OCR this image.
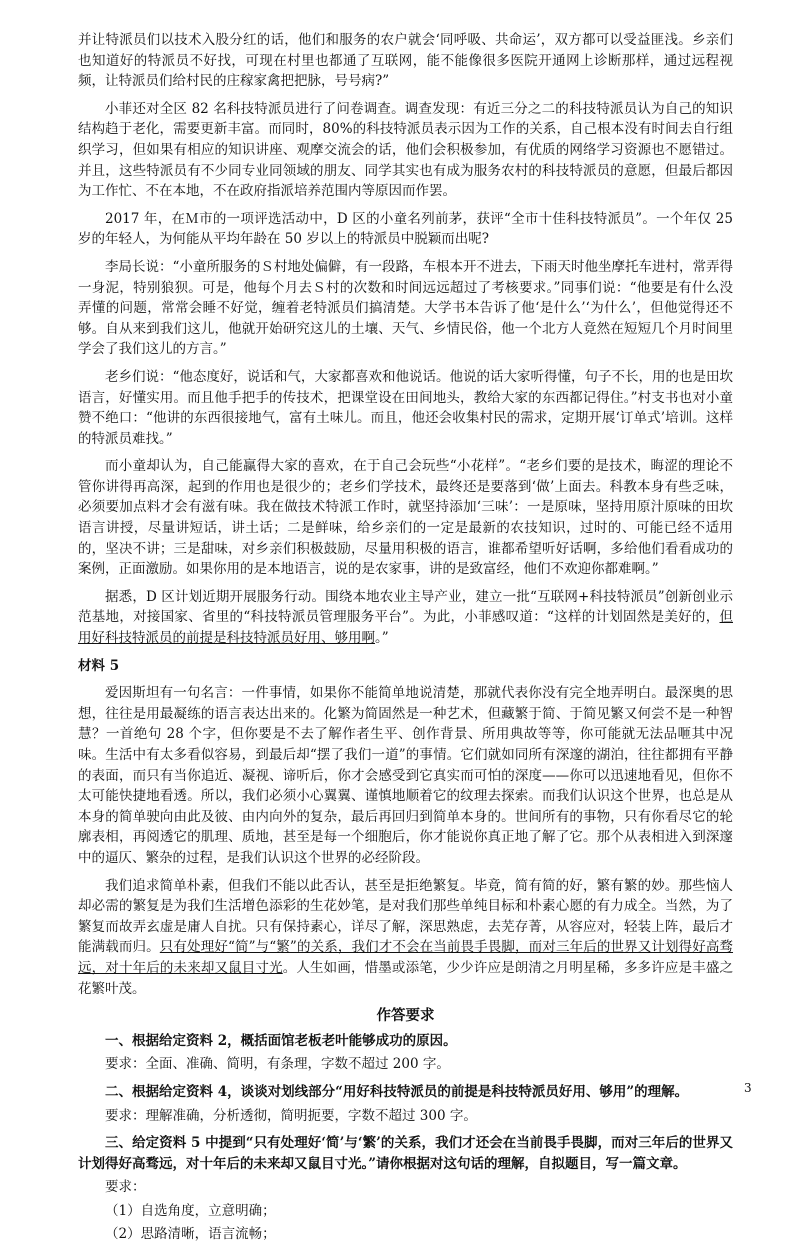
并让特派员们以技术入股分红的话，他们和服务的农户就会‘同呼吸、共命运’，双方都可以受益匪浅。乡亲们也知道好的特派员不好找，可现在村里也都通了互联网，能不能像很多医院开通网上诊断那样，通过远程视频，让特派员们给村民的庄稼家禽把把脉，号号病?”

小菲还对全区 82 名科技特派员进行了问卷调查。调查发现：有近三分之二的科技特派员认为自己的知识结构趋于老化，需要更新丰富。而同时，80%的科技特派员表示因为工作的关系，自己根本没有时间去自行组织学习，但如果有相应的知识讲座、观摩交流会的话，他们会积极参加，有优质的网络学习资源也不愿错过。并且，这些特派员有不少同专业同领域的朋友、同学其实也有成为服务农村的科技特派员的意愿，但最后都因为工作忙、不在本地，不在政府指派培养范围内等原因而作罢。

2017 年，在Ｍ市的一项评选活动中，D 区的小童名列前茅，获评“全市十佳科技特派员”。一个年仅 25 岁的年轻人，为何能从平均年龄在 50 岁以上的特派员中脱颖而出呢?

李局长说：“小童所服务的Ｓ村地处偏僻，有一段路，车根本开不进去，下雨天时他坐摩托车进村，常弄得一身泥，特别狼狈。可是，他每个月去Ｓ村的次数和时间远远超过了考核要求。”同事们说：“他要是有什么没弄懂的问题，常常会睡不好觉，缠着老特派员们搞清楚。大学书本告诉了他‘是什么’‘为什么’，但他觉得还不够。自从来到我们这儿，他就开始研究这儿的土壤、天气、乡情民俗，他一个北方人竟然在短短几个月时间里学会了我们这儿的方言。”

老乡们说：“他态度好，说话和气，大家都喜欢和他说话。他说的话大家听得懂，句子不长，用的也是田坎语言，好懂实用。而且他手把手的传技术，把课堂设在田间地头，教给大家的东西都记得住。”村支书也对小童赞不绝口：“他讲的东西很接地气，富有土味儿。而且，他还会收集村民的需求，定期开展‘订单式’培训。这样的特派员难找。”

而小童却认为，自己能赢得大家的喜欢，在于自己会玩些“小花样”。“老乡们要的是技术，晦涩的理论不管你讲得再高深，起到的作用也是很少的；老乡们学技术，最终还是要落到‘做’上面去。科教本身有些乏味，必须要加点料才会有滋有味。我在做技术特派工作时，就坚持添加‘三味’：一是原味，坚持用原汁原味的田坎语言讲授，尽量讲短话，讲土话；二是鲜味，给乡亲们的一定是最新的农技知识，过时的、可能已经不适用的，坚决不讲；三是甜味，对乡亲们积极鼓励，尽量用积极的语言，谁都希望听好话啊，多给他们看看成功的案例，正面激励。如果你用的是本地语言，说的是农家事，讲的是致富经，他们不欢迎你都难啊。”

据悉，D 区计划近期开展服务行动。围绕本地农业主导产业，建立一批“互联网+科技特派员”创新创业示范基地，对接国家、省里的“科技特派员管理服务平台”。为此，小菲感叹道：“这样的计划固然是美好的，但用好科技特派员的前提是科技特派员好用、够用啊。”

材料 5

爱因斯坦有一句名言：一件事情，如果你不能简单地说清楚，那就代表你没有完全地弄明白。最深奥的思想，往往是用最凝练的语言表达出来的。化繁为简固然是一种艺术，但藏繁于简、于简见繁又何尝不是一种智慧？一首绝句 28 个字，但你要是不去了解作者生平、创作背景、所用典故等等，你可能就无法品咂其中况味。生活中有太多看似容易，到最后却“摆了我们一道”的事情。它们就如同所有深邃的湖泊，往往都拥有平静的表面，而只有当你追近、凝视、谛听后，你才会感受到它真实而可怕的深度——你可以迅速地看见，但你不太可能快捷地看透。所以，我们必须小心翼翼、谨慎地顺着它的纹理去探索。而我们认识这个世界，也总是从本身的简单驶向由此及彼、由内向外的复杂，最后再回归到简单本身的。世间所有的事物，只有你看尽它的轮廓表相，再阅透它的肌理、质地，甚至是每一个细胞后，你才能说你真正地了解了它。那个从表相进入到深邃中的逼仄、繁杂的过程，是我们认识这个世界的必经阶段。

我们追求简单朴素，但我们不能以此否认，甚至是拒绝繁复。毕竟，简有简的好，繁有繁的妙。那些恼人却必需的繁复是为我们生活增色添彩的生花妙笔，是对我们那些单纯目标和朴素心愿的有力成全。当然，为了繁复而故弄玄虚是庸人自扰。只有保持素心，详尽了解，深思熟虑，去芜存菁，从容应对，轻装上阵，最后才能满载而归。只有处理好“简”与“繁”的关系，我们才不会在当前畏手畏脚，而对三年后的世界又计划得好高骛远，对十年后的未来却又鼠目寸光。人生如画，惜墨或添笔，少少许应是朗清之月明星稀，多多许应是丰盛之花繁叶茂。

作答要求

一、根据给定资料 2，概括面馆老板老叶能够成功的原因。

要求：全面、准确、简明，有条理，字数不超过 200 字。

二、根据给定资料 4，谈谈对划线部分“用好科技特派员的前提是科技特派员好用、够用”的理解。

要求：理解准确，分析透彻，简明扼要，字数不超过 300 字。

三、给定资料 5 中提到“只有处理好‘简’与‘繁’的关系，我们才还会在当前畏手畏脚，而对三年后的世界又计划得好高骛远，对十年后的未来却又鼠目寸光。”请你根据对这句话的理解，自拟题目，写一篇文章。

要求：

（1）自选角度，立意明确；

（2）思路清晰，语言流畅；

3
